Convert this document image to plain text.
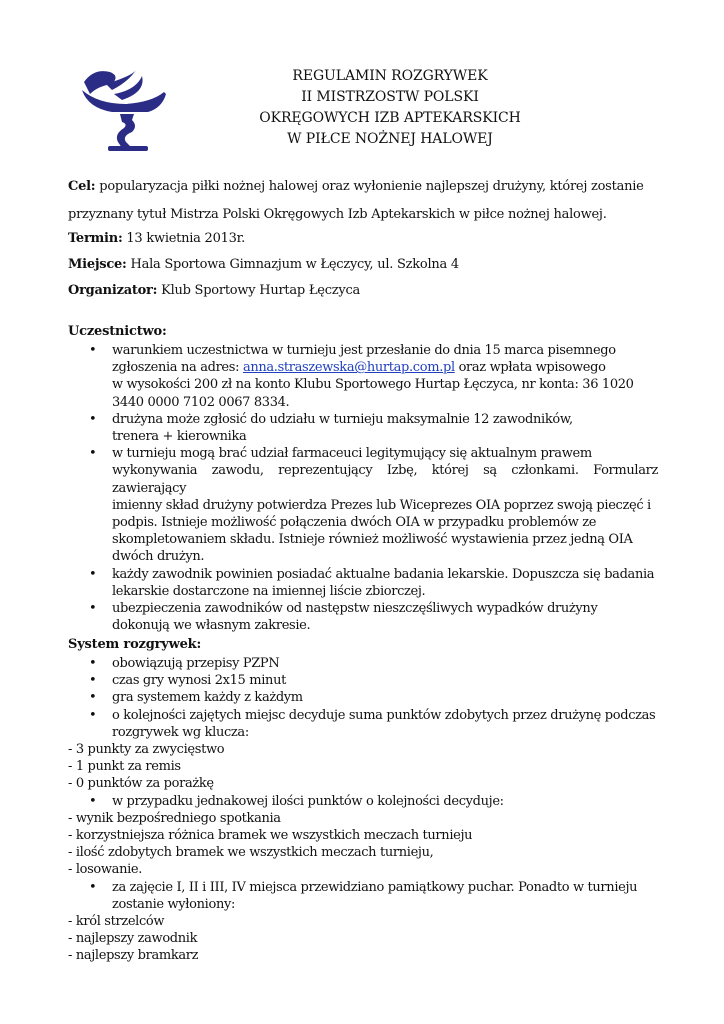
REGULAMIN ROZGRYWEK
II MISTRZOSTW POLSKI
OKRĘGOWYCH IZB APTEKARSKICH
W PIŁCE NOŻNEJ HALOWEJ
Cel: popularyzacja piłki nożnej halowej oraz wyłonienie najlepszej drużyny, której zostanie
przyznany tytuł Mistrza Polski Okręgowych Izb Aptekarskich w piłce nożnej halowej.
Termin: 13 kwietnia 2013r.
Miejsce: Hala Sportowa Gimnazjum w Łęczycy, ul. Szkolna 4
Organizator: Klub Sportowy Hurtap Łęczyca
Uczestnictwo:
• warunkiem uczestnictwa w turnieju jest przesłanie do dnia 15 marca pisemnego
zgłoszenia na adres: anna.straszewska@hurtap.com.pl oraz wpłata wpisowego
w wysokości 200 zł na konto Klubu Sportowego Hurtap Łęczyca, nr konta: 36 1020
3440 0000 7102 0067 8334.
• drużyna może zgłosić do udziału w turnieju maksymalnie 12 zawodników,
trenera + kierownika
• w turnieju mogą brać udział farmaceuci legitymujący się aktualnym prawem
wykonywania zawodu, reprezentujący Izbę, której są członkami. Formularz zawierający
imienny skład drużyny potwierdza Prezes lub Wiceprezes OIA poprzez swoją pieczęć i
podpis. Istnieje możliwość połączenia dwóch OIA w przypadku problemów ze
skompletowaniem składu. Istnieje również możliwość wystawienia przez jedną OIA
dwóch drużyn.
• każdy zawodnik powinien posiadać aktualne badania lekarskie. Dopuszcza się badania
lekarskie dostarczone na imiennej liście zbiorczej.
• ubezpieczenia zawodników od następstw nieszczęśliwych wypadków drużyny
dokonują we własnym zakresie.
System rozgrywek:
• obowiązują przepisy PZPN
• czas gry wynosi 2x15 minut
• gra systemem każdy z każdym
• o kolejności zajętych miejsc decyduje suma punktów zdobytych przez drużynę podczas
rozgrywek wg klucza:
- 3 punkty za zwycięstwo
- 1 punkt za remis
- 0 punktów za porażkę
• w przypadku jednakowej ilości punktów o kolejności decyduje:
- wynik bezpośredniego spotkania
- korzystniejsza różnica bramek we wszystkich meczach turnieju
- ilość zdobytych bramek we wszystkich meczach turnieju,
- losowanie.
• za zajęcie I, II i III, IV miejsca przewidziano pamiątkowy puchar. Ponadto w turnieju
zostanie wyłoniony:
- król strzelców
- najlepszy zawodnik
- najlepszy bramkarz
